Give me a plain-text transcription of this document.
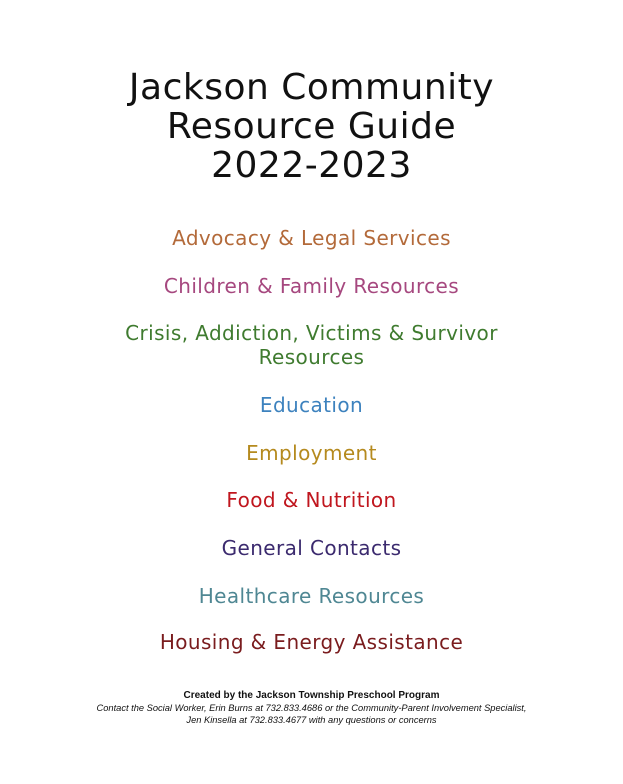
Jackson Community
Resource Guide
2022-2023
Advocacy & Legal Services
Children & Family Resources
Crisis, Addiction, Victims & Survivor
Resources
Education
Employment
Food & Nutrition
General Contacts
Healthcare Resources
Housing & Energy Assistance
Created by the Jackson Township Preschool Program
Contact the Social Worker, Erin Burns at 732.833.4686 or the Community-Parent Involvement Specialist,
Jen Kinsella at 732.833.4677 with any questions or concerns
